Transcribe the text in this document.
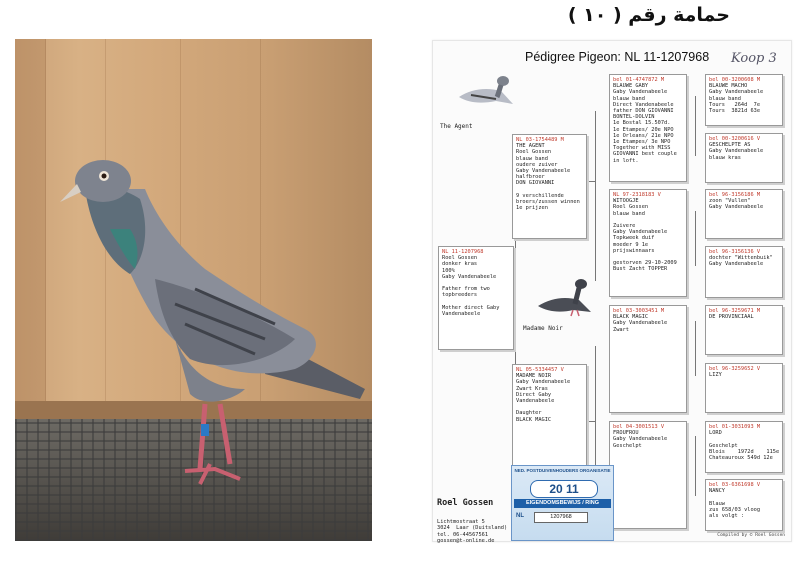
حمامة رقم ( ١٠ )
Pédigree Pigeon: NL 11-1207968 Koop 3
The Agent
Madame Noir
NL 11-1207968
Roel Gossen
donker kras
100%
Gaby Vandenabeele

Father from two
topbreeders

Mother direct Gaby
Vandenabeele
NL 03-1754489 M
THE AGENT
Roel Gossen
blauw band
oudere zuiver
Gaby Vandenabeele
halfbroer
DON GIOVANNI

9 verschillende
broers/zussen winnen
1e prijzen
NL 05-5334457 V
MADAME NOIR
Gaby Vandenabeele
Zwart Kras
Direct Gaby
Vandenabeele

Daughter
BLACK MAGIC
bel 01-4747872 M
BLAUWE GABY
Gaby Vandenabeele
blauw band
Direct Vandenabeele
father DON GIOVANNI
BONTEL-DOLVIN
1e Bostal 15.507d.
1e Etampes/ 20e NPO
1e Orleans/ 21e NPO
1e Etampes/ 3e NPO
Together with MISS
GIOVANNI best couple
in loft.
NL 97-2318183 V
WITOOGJE
Roel Gossen
blauw band

Zuivere
Gaby Vandenabeele
Topkweek duif
moeder 9 1e
prijswinnaars

gestorven 29-10-2009
Bust Zacht TOPPER
bel 03-3003451 M
BLACK MAGIC
Gaby Vandenabeele
Zwart
bel 04-3001513 V
FROUFROU
Gaby Vandenabeele
Geschelpt
bel 00-3200608 M
BLAUWE MACHO
Gaby Vandenabeele
blauw band
Tours   264d  7e
Tours  3821d 63e
bel 00-3200616 V
GESCHELPTE AS
Gaby Vandenabeele
blauw kras
bel 96-3156186 M
zoon "Vullen"
Gaby Vandenabeele
bel 96-3156136 V
dochter "Wittenbuik"
Gaby Vandenabeele
bel 96-3259671 M
DE PROVINCIAAL
bel 96-3259652 V
LIZY
bel 01-3031093 M
LORD

Geschelpt
Blois    1972d    115e
Chateauroux 549d 12e
bel 03-6361698 V
NANCY

Blauw
zus 658/03 vloog
als volgt :

Roel Gossen

Lichtmostraat 5
3024  Laar (Duitsland)
tel. 06-44567561
gossen@t-online.de

NED. POSTDUIVENHOUDERS ORGANISATIE
20 11
EIGENDOMSBEWIJS / RING
NL	1207968
Compiled by © Roel Gossen
